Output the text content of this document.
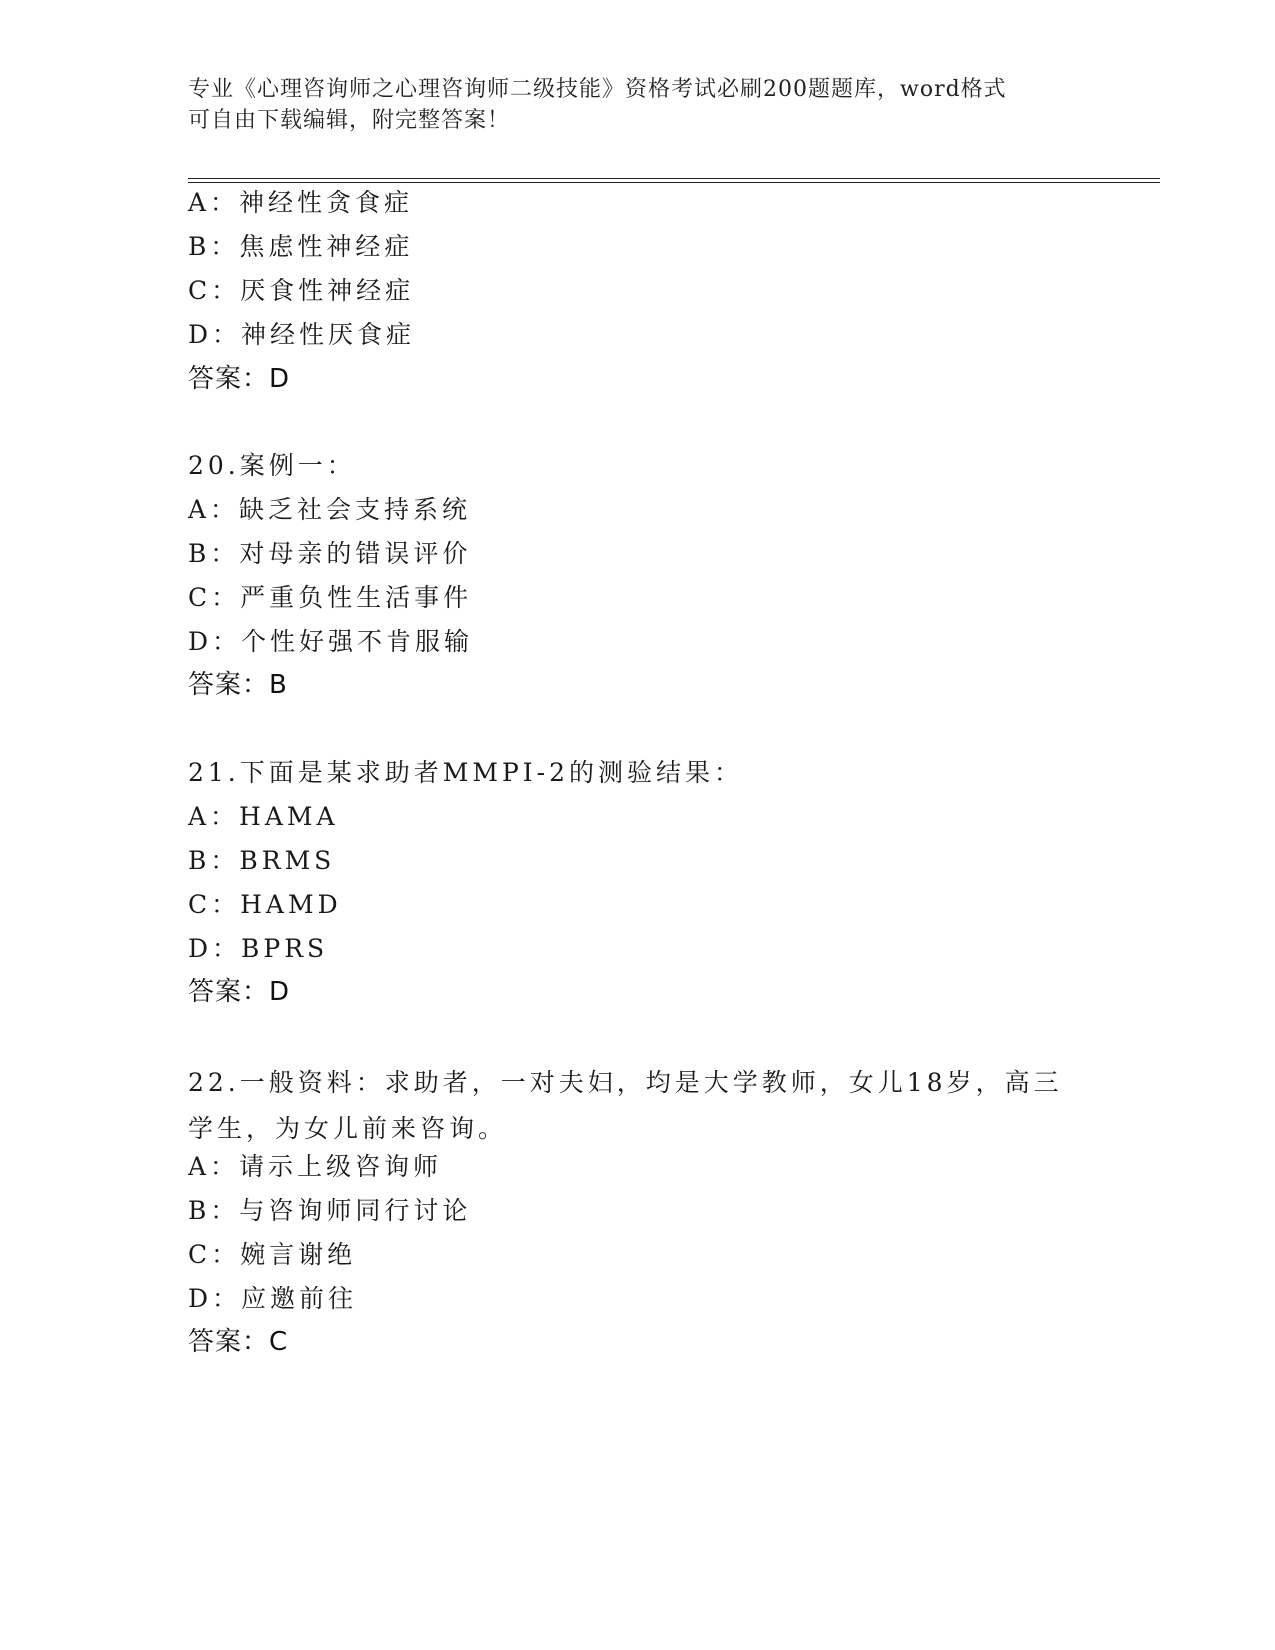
专业《心理咨询师之心理咨询师二级技能》资格考试必刷200题题库，word格式
可自由下载编辑，附完整答案！
A：神经性贪食症
B：焦虑性神经症
C：厌食性神经症
D：神经性厌食症
答案：D
20.案例一：
A：缺乏社会支持系统
B：对母亲的错误评价
C：严重负性生活事件
D：个性好强不肯服输
答案：B
21.下面是某求助者MMPI-2的测验结果：
A：HAMA
B：BRMS
C：HAMD
D：BPRS
答案：D
22.一般资料：求助者，一对夫妇，均是大学教师，女儿18岁，高三学生，为女儿前来咨询。
A：请示上级咨询师
B：与咨询师同行讨论
C：婉言谢绝
D：应邀前往
答案：C
